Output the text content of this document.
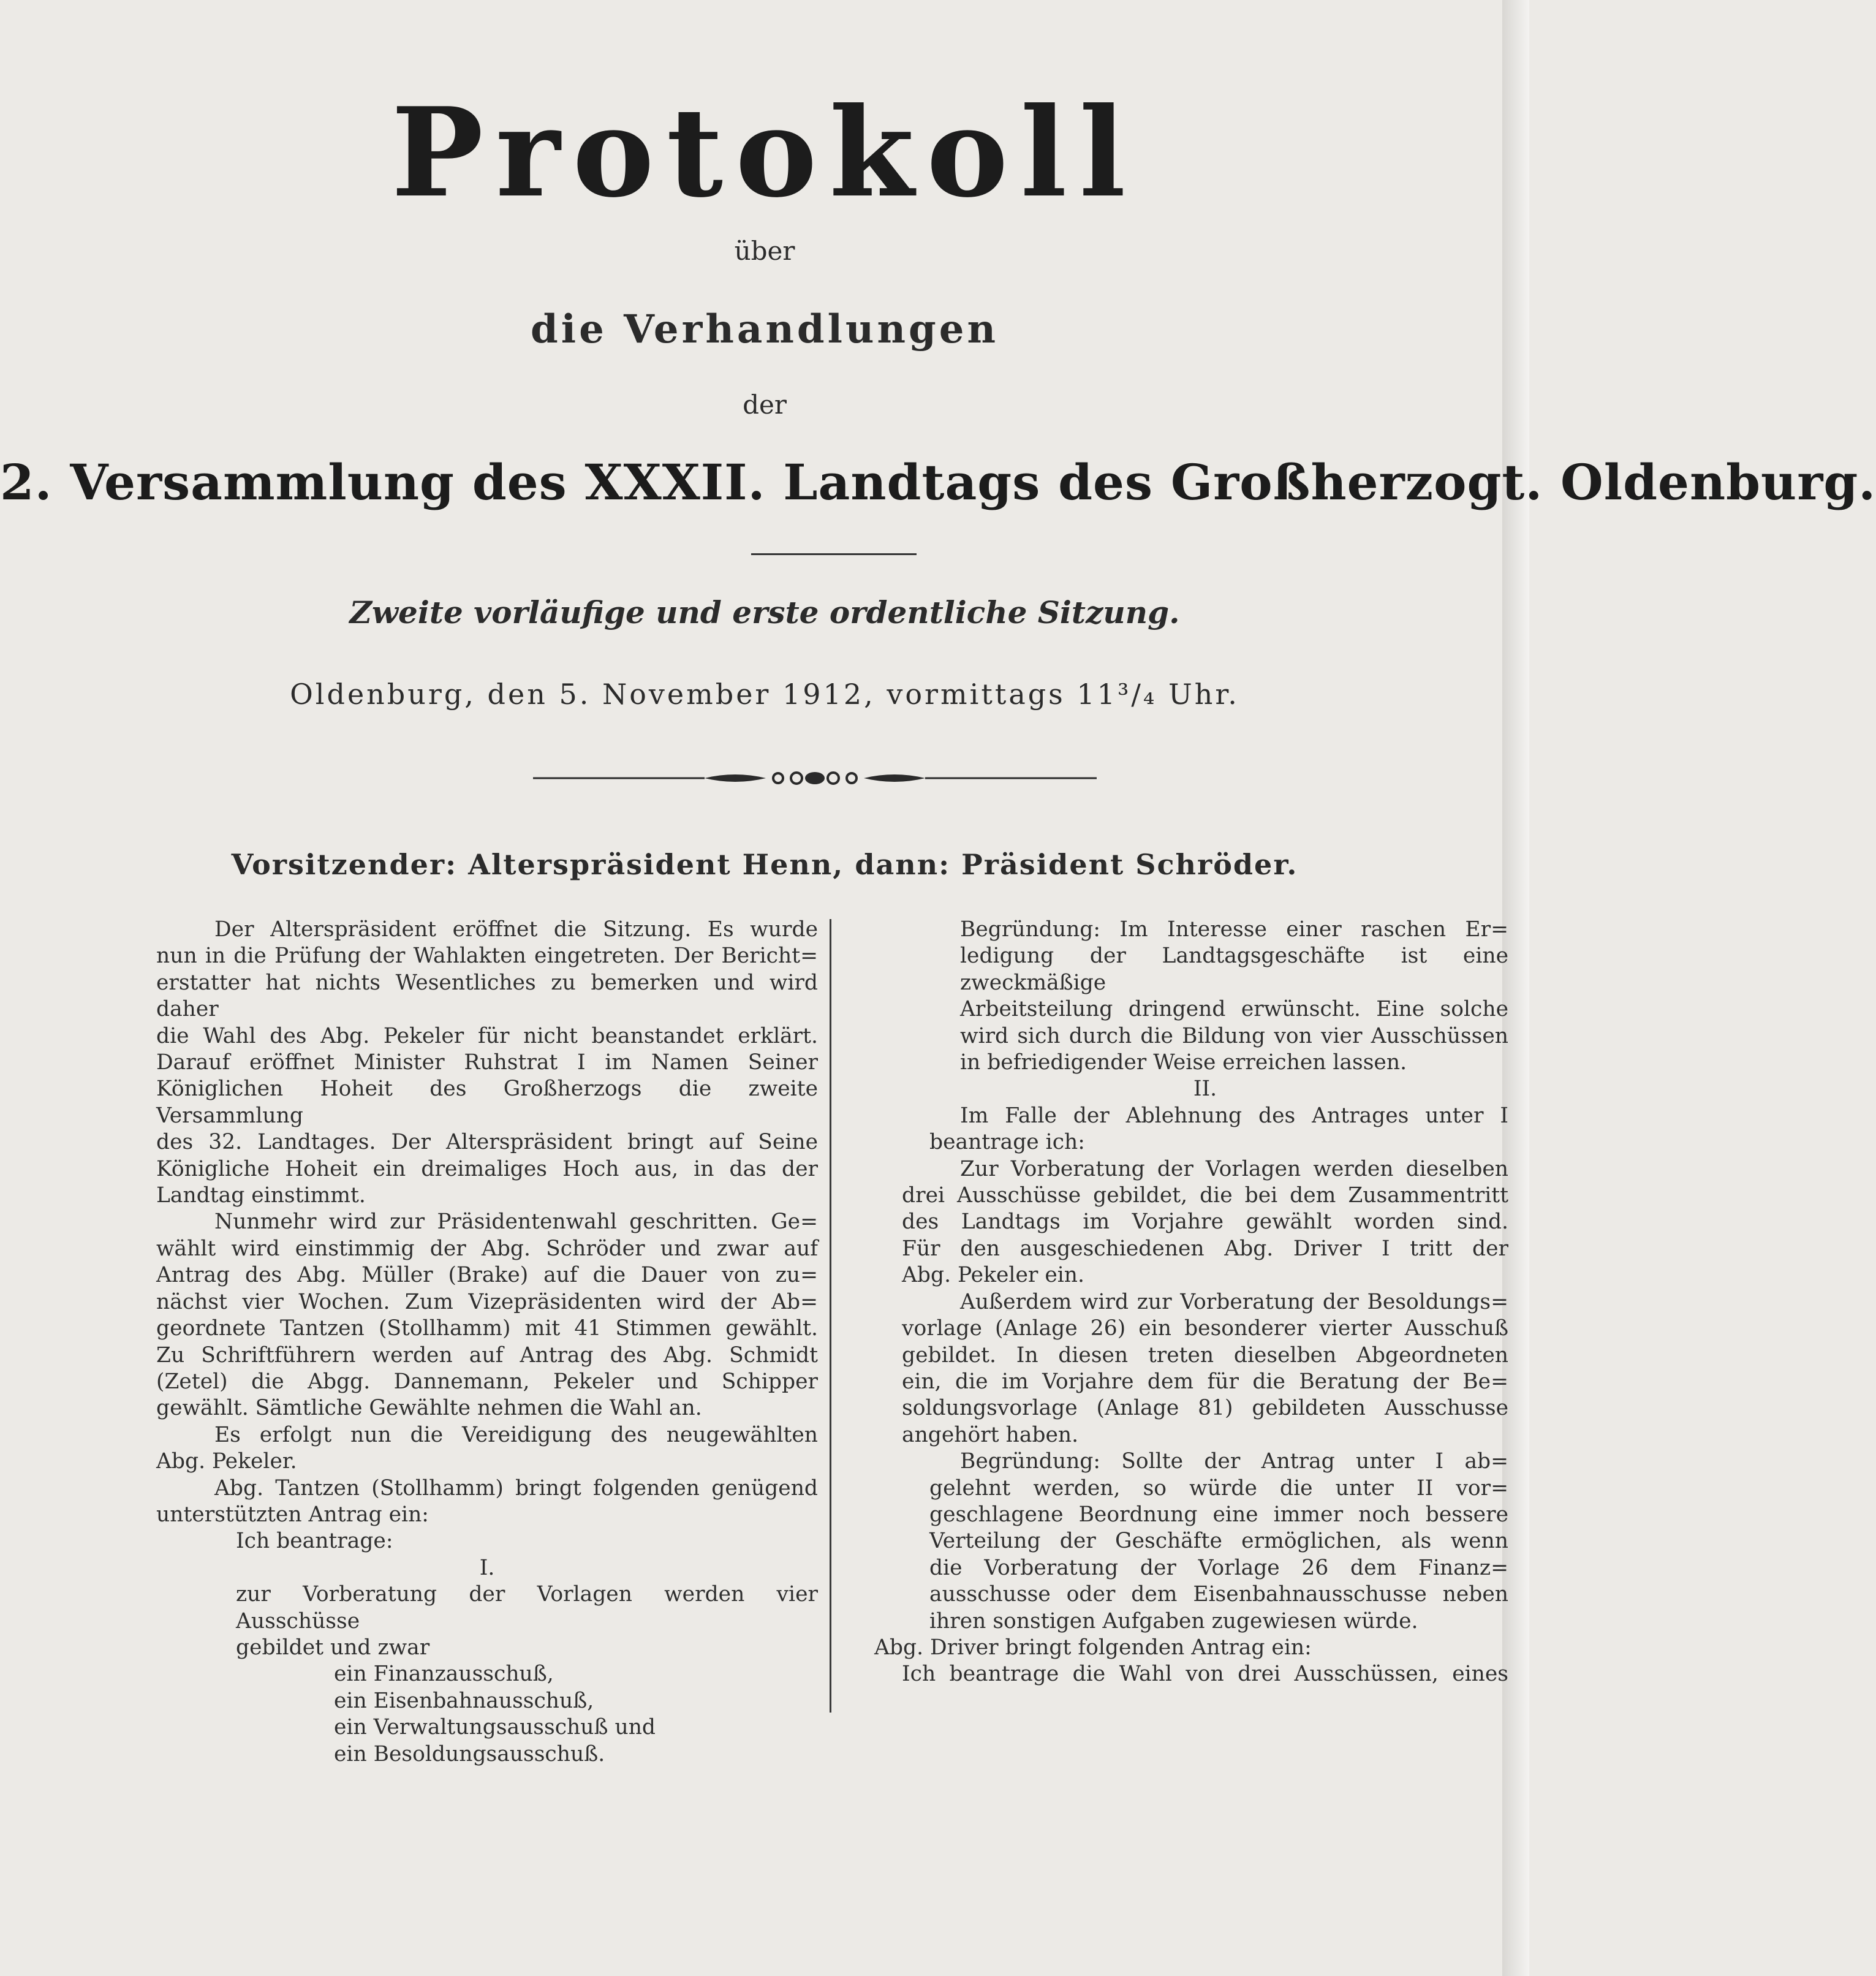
Protokoll
über
die Verhandlungen
der
2. Versammlung des XXXII. Landtags des Großherzogt. Oldenburg.
Zweite vorläufige und erste ordentliche Sitzung.
Oldenburg, den 5. November 1912, vormittags 11³/₄ Uhr.
Vorsitzender: Alterspräsident Henn, dann: Präsident Schröder.

Der Alterspräsident eröffnet die Sitzung. Es wurde

nun in die Prüfung der Wahlakten eingetreten. Der Bericht=

erstatter hat nichts Wesentliches zu bemerken und wird daher

die Wahl des Abg. Pekeler für nicht beanstandet erklärt.

Darauf eröffnet Minister Ruhstrat I im Namen Seiner

Königlichen Hoheit des Großherzogs die zweite Versammlung

des 32. Landtages. Der Alterspräsident bringt auf Seine

Königliche Hoheit ein dreimaliges Hoch aus, in das der

Landtag einstimmt.

Nunmehr wird zur Präsidentenwahl geschritten. Ge=

wählt wird einstimmig der Abg. Schröder und zwar auf

Antrag des Abg. Müller (Brake) auf die Dauer von zu=

nächst vier Wochen. Zum Vizepräsidenten wird der Ab=

geordnete Tantzen (Stollhamm) mit 41 Stimmen gewählt.

Zu Schriftführern werden auf Antrag des Abg. Schmidt

(Zetel) die Abgg. Dannemann, Pekeler und Schipper

gewählt. Sämtliche Gewählte nehmen die Wahl an.

Es erfolgt nun die Vereidigung des neugewählten

Abg. Pekeler.

Abg. Tantzen (Stollhamm) bringt folgenden genügend

unterstützten Antrag ein:

Ich beantrage:

I.

zur Vorberatung der Vorlagen werden vier Ausschüsse

gebildet und zwar

ein Finanzausschuß,

ein Eisenbahnausschuß,

ein Verwaltungsausschuß und

ein Besoldungsausschuß.

Begründung: Im Interesse einer raschen Er=

ledigung der Landtagsgeschäfte ist eine zweckmäßige

Arbeitsteilung dringend erwünscht. Eine solche

wird sich durch die Bildung von vier Ausschüssen

in befriedigender Weise erreichen lassen.

II.

Im Falle der Ablehnung des Antrages unter I

beantrage ich:

Zur Vorberatung der Vorlagen werden dieselben

drei Ausschüsse gebildet, die bei dem Zusammentritt

des Landtags im Vorjahre gewählt worden sind.

Für den ausgeschiedenen Abg. Driver I tritt der

Abg. Pekeler ein.

Außerdem wird zur Vorberatung der Besoldungs=

vorlage (Anlage 26) ein besonderer vierter Ausschuß

gebildet. In diesen treten dieselben Abgeordneten

ein, die im Vorjahre dem für die Beratung der Be=

soldungsvorlage (Anlage 81) gebildeten Ausschusse

angehört haben.

Begründung: Sollte der Antrag unter I ab=

gelehnt werden, so würde die unter II vor=

geschlagene Beordnung eine immer noch bessere

Verteilung der Geschäfte ermöglichen, als wenn

die Vorberatung der Vorlage 26 dem Finanz=

ausschusse oder dem Eisenbahnausschusse neben

ihren sonstigen Aufgaben zugewiesen würde.

Abg. Driver bringt folgenden Antrag ein:

Ich beantrage die Wahl von drei Ausschüssen, eines
